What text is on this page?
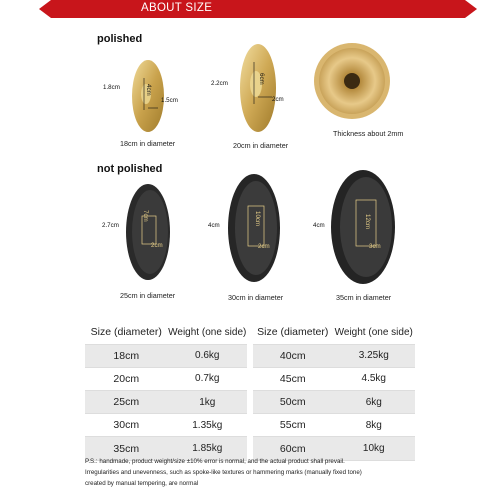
ABOUT SIZE
polished
1.8cm	4cm
1.5cm
18cm in diameter
2.2cm	6cm
2cm
20cm in diameter
Thickness about 2mm
not polished
2.7cm
7cm
2cm
25cm in diameter
4cm	10cm
2cm
30cm in diameter
4cm	12cm
3cm
35cm in diameter
Size (diameter)	Weight (one side)	Size (diameter)	Weight (one side)
18cm	0.6kg	40cm	3.25kg
20cm	0.7kg	45cm	4.5kg
25cm	1kg	50cm	6kg
30cm	1.35kg	55cm	8kg
35cm	1.85kg	60cm	10kg
P.S.: handmade, product weight/size ±10% error is normal, and the actual product shall prevail.
Irregularities and unevenness, such as spoke-like textures or hammering marks (manually fixed tone)
created by manual tempering, are normal
